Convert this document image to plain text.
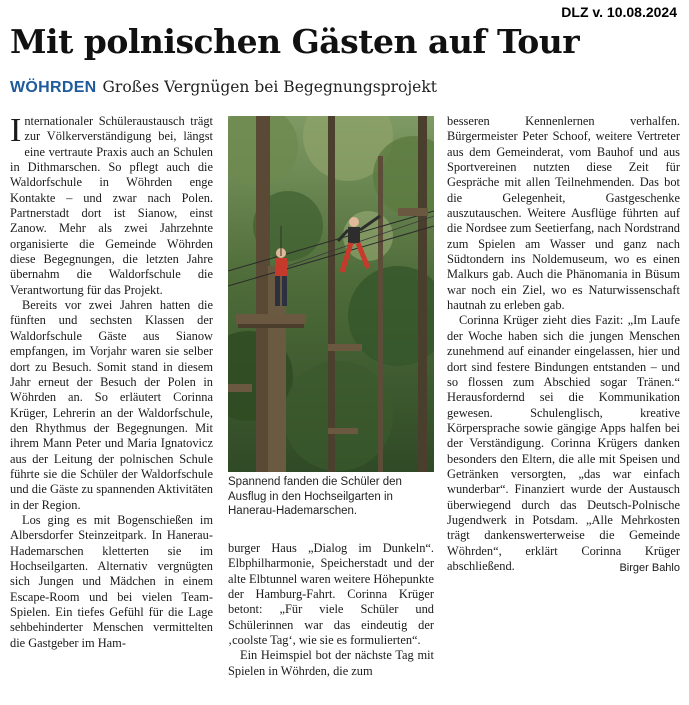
DLZ v. 10.08.2024
Mit polnischen Gästen auf Tour
WÖHRDEN Großes Vergnügen bei Begegnungsprojekt

Internationaler Schüleraustausch trägt zur Völkerverständigung bei, längst eine vertraute Praxis auch an Schulen in Dithmarschen. So pflegt auch die Waldorfschule in Wöhrden enge Kontakte – und zwar nach Polen. Partnerstadt dort ist Sianow, einst Zanow. Mehr als zwei Jahrzehnte organisierte die Gemeinde Wöhrden diese Begegnungen, die letzten Jahre übernahm die Waldorfschule die Verantwortung für das Projekt.

Bereits vor zwei Jahren hatten die fünften und sechsten Klassen der Waldorfschule Gäste aus Sianow empfangen, im Vorjahr waren sie selber dort zu Besuch. Somit stand in diesem Jahr erneut der Besuch der Polen in Wöhrden an. So erläutert Corinna Krüger, Lehrerin an der Waldorfschule, den Rhythmus der Begegnungen. Mit ihrem Mann Peter und Maria Ignatovicz aus der Leitung der polnischen Schule führte sie die Schüler der Waldorfschule und die Gäste zu spannenden Aktivitäten in der Region.

Los ging es mit Bogenschießen im Albersdorfer Steinzeitpark. In Hanerau-Hademarschen kletterten sie im Hochseilgarten. Alternativ vergnügten sich Jungen und Mädchen in einem Escape-Room und bei vielen Team-Spielen. Ein tiefes Gefühl für die Lage sehbehinderter Menschen vermittelten die Gastgeber im Ham-

Spannend fanden die Schüler den Ausflug in den Hochseilgarten in Hanerau-Hademarschen.

burger Haus „Dialog im Dunkeln“. Elbphilharmonie, Speicherstadt und der alte Elbtunnel waren weitere Höhepunkte der Hamburg-Fahrt. Corinna Krüger betont: „Für viele Schüler und Schülerinnen war das eindeutig der ‚coolste Tag‘, wie sie es formulierten“.

Ein Heimspiel bot der nächste Tag mit Spielen in Wöhrden, die zum

besseren Kennenlernen verhalfen. Bürgermeister Peter Schoof, weitere Vertreter aus dem Gemeinderat, vom Bauhof und aus Sportvereinen nutzten diese Zeit für Gespräche mit allen Teilnehmenden. Das bot die Gelegenheit, Gastgeschenke auszutauschen. Weitere Ausflüge führten auf die Nordsee zum Seetierfang, nach Nordstrand zum Spielen am Wasser und ganz nach Südtondern ins Noldemuseum, wo es einen Malkurs gab. Auch die Phänomania in Büsum war noch ein Ziel, wo es Naturwissenschaft hautnah zu erleben gab.

Corinna Krüger zieht dies Fazit: „Im Laufe der Woche haben sich die jungen Menschen zunehmend auf einander eingelassen, hier und dort sind festere Bindungen entstanden – und so flossen zum Abschied sogar Tränen.“ Herausfordernd sei die Kommunikation gewesen. Schulenglisch, kreative Körpersprache sowie gängige Apps halfen bei der Verständigung. Corinna Krügers danken besonders den Eltern, die alle mit Speisen und Getränken versorgten, „das war einfach wunderbar“. Finanziert wurde der Austausch überwiegend durch das Deutsch-Polnische Jugendwerk in Potsdam. „Alle Mehrkosten trägt dankenswerterweise die Gemeinde Wöhrden“, erklärt Corinna Krüger abschließend.	Birger Bahlo
